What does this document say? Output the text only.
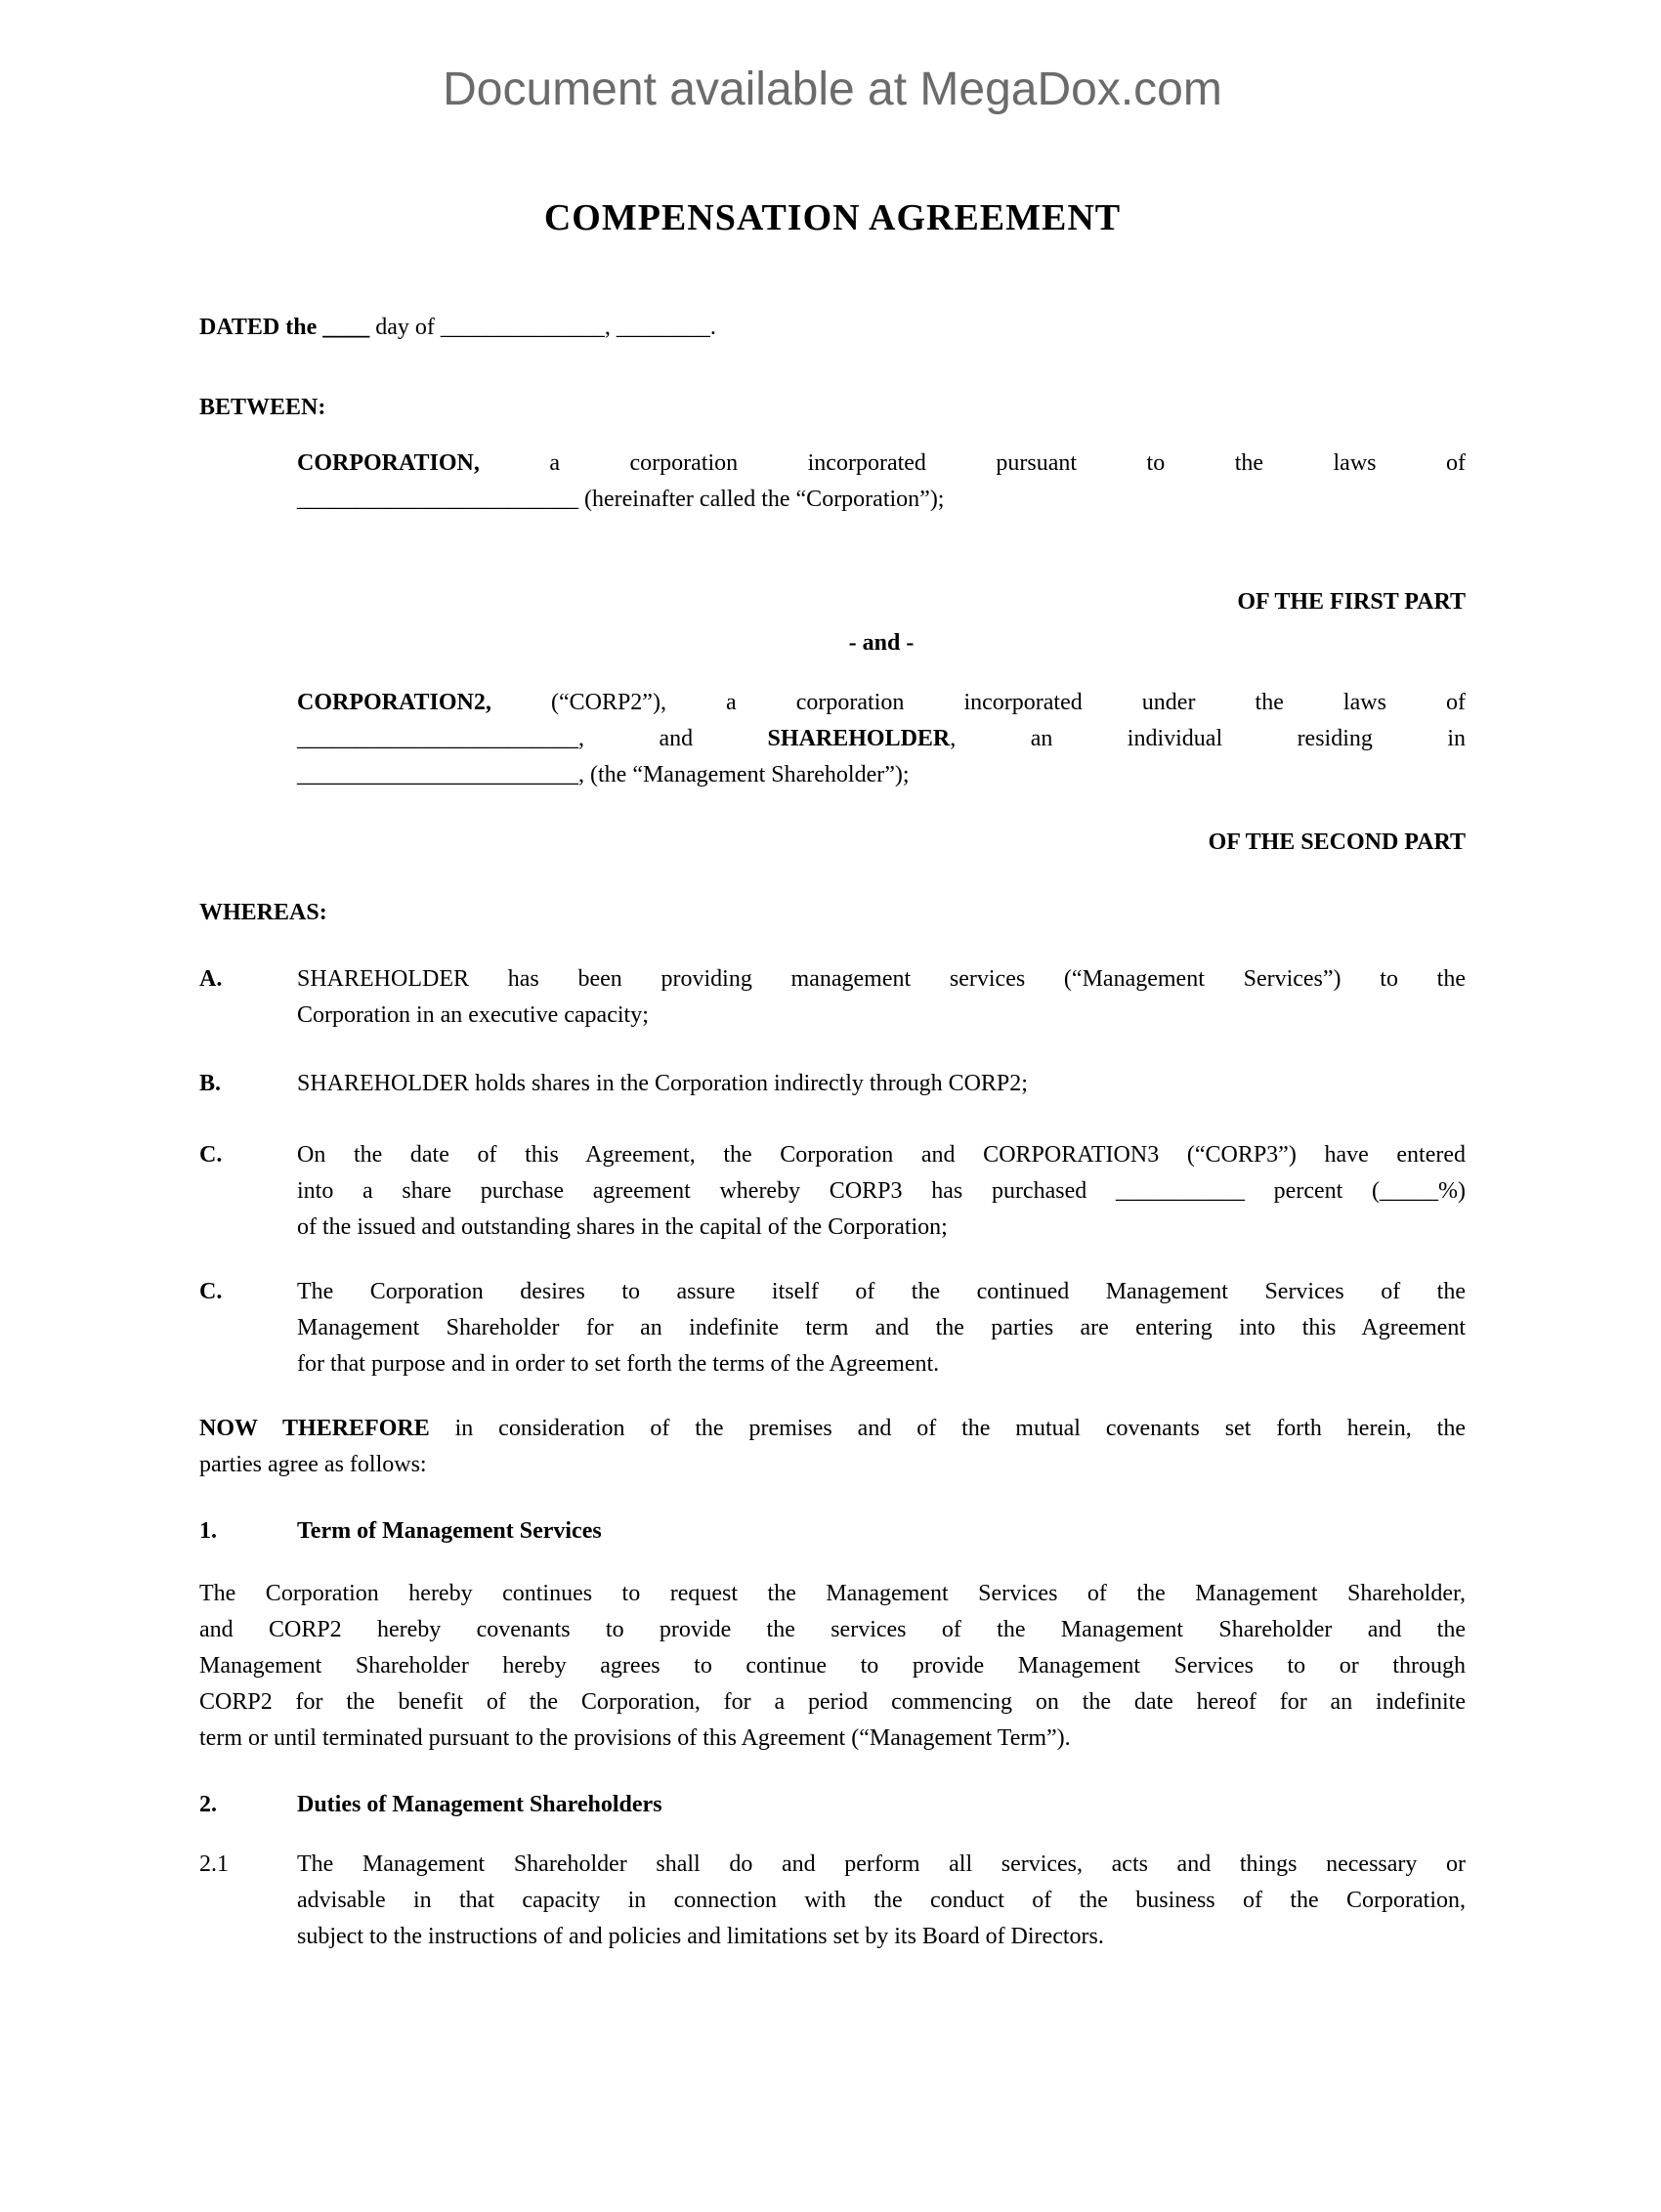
Document available at MegaDox.com
COMPENSATION AGREEMENT
DATED the ____ day of ______________, ________.
BETWEEN:
CORPORATION, a corporation incorporated pursuant to the laws of
________________________ (hereinafter called the “Corporation”);
OF THE FIRST PART
- and -
CORPORATION2, (“CORP2”), a corporation incorporated under the laws of
________________________, and SHAREHOLDER, an individual residing in
________________________, (the “Management Shareholder”);
OF THE SECOND PART
WHEREAS:
A.	SHAREHOLDER has been providing management services (“Management Services”) to the
Corporation in an executive capacity;
B.	SHAREHOLDER holds shares in the Corporation indirectly through CORP2;
C.	On the date of this Agreement, the Corporation and CORPORATION3 (“CORP3”) have entered
into a share purchase agreement whereby CORP3 has purchased ___________ percent (_____%)
of the issued and outstanding shares in the capital of the Corporation;
C.	The Corporation desires to assure itself of the continued Management Services of the
Management Shareholder for an indefinite term and the parties are entering into this Agreement
for that purpose and in order to set forth the terms of the Agreement.
NOW THEREFORE in consideration of the premises and of the mutual covenants set forth herein, the
parties agree as follows:
1.	Term of Management Services
The Corporation hereby continues to request the Management Services of the Management Shareholder,
and CORP2 hereby covenants to provide the services of the Management Shareholder and the
Management Shareholder hereby agrees to continue to provide Management Services to or through
CORP2 for the benefit of the Corporation, for a period commencing on the date hereof for an indefinite
term or until terminated pursuant to the provisions of this Agreement (“Management Term”).
2.	Duties of Management Shareholders
2.1	The Management Shareholder shall do and perform all services, acts and things necessary or
advisable in that capacity in connection with the conduct of the business of the Corporation,
subject to the instructions of and policies and limitations set by its Board of Directors.
